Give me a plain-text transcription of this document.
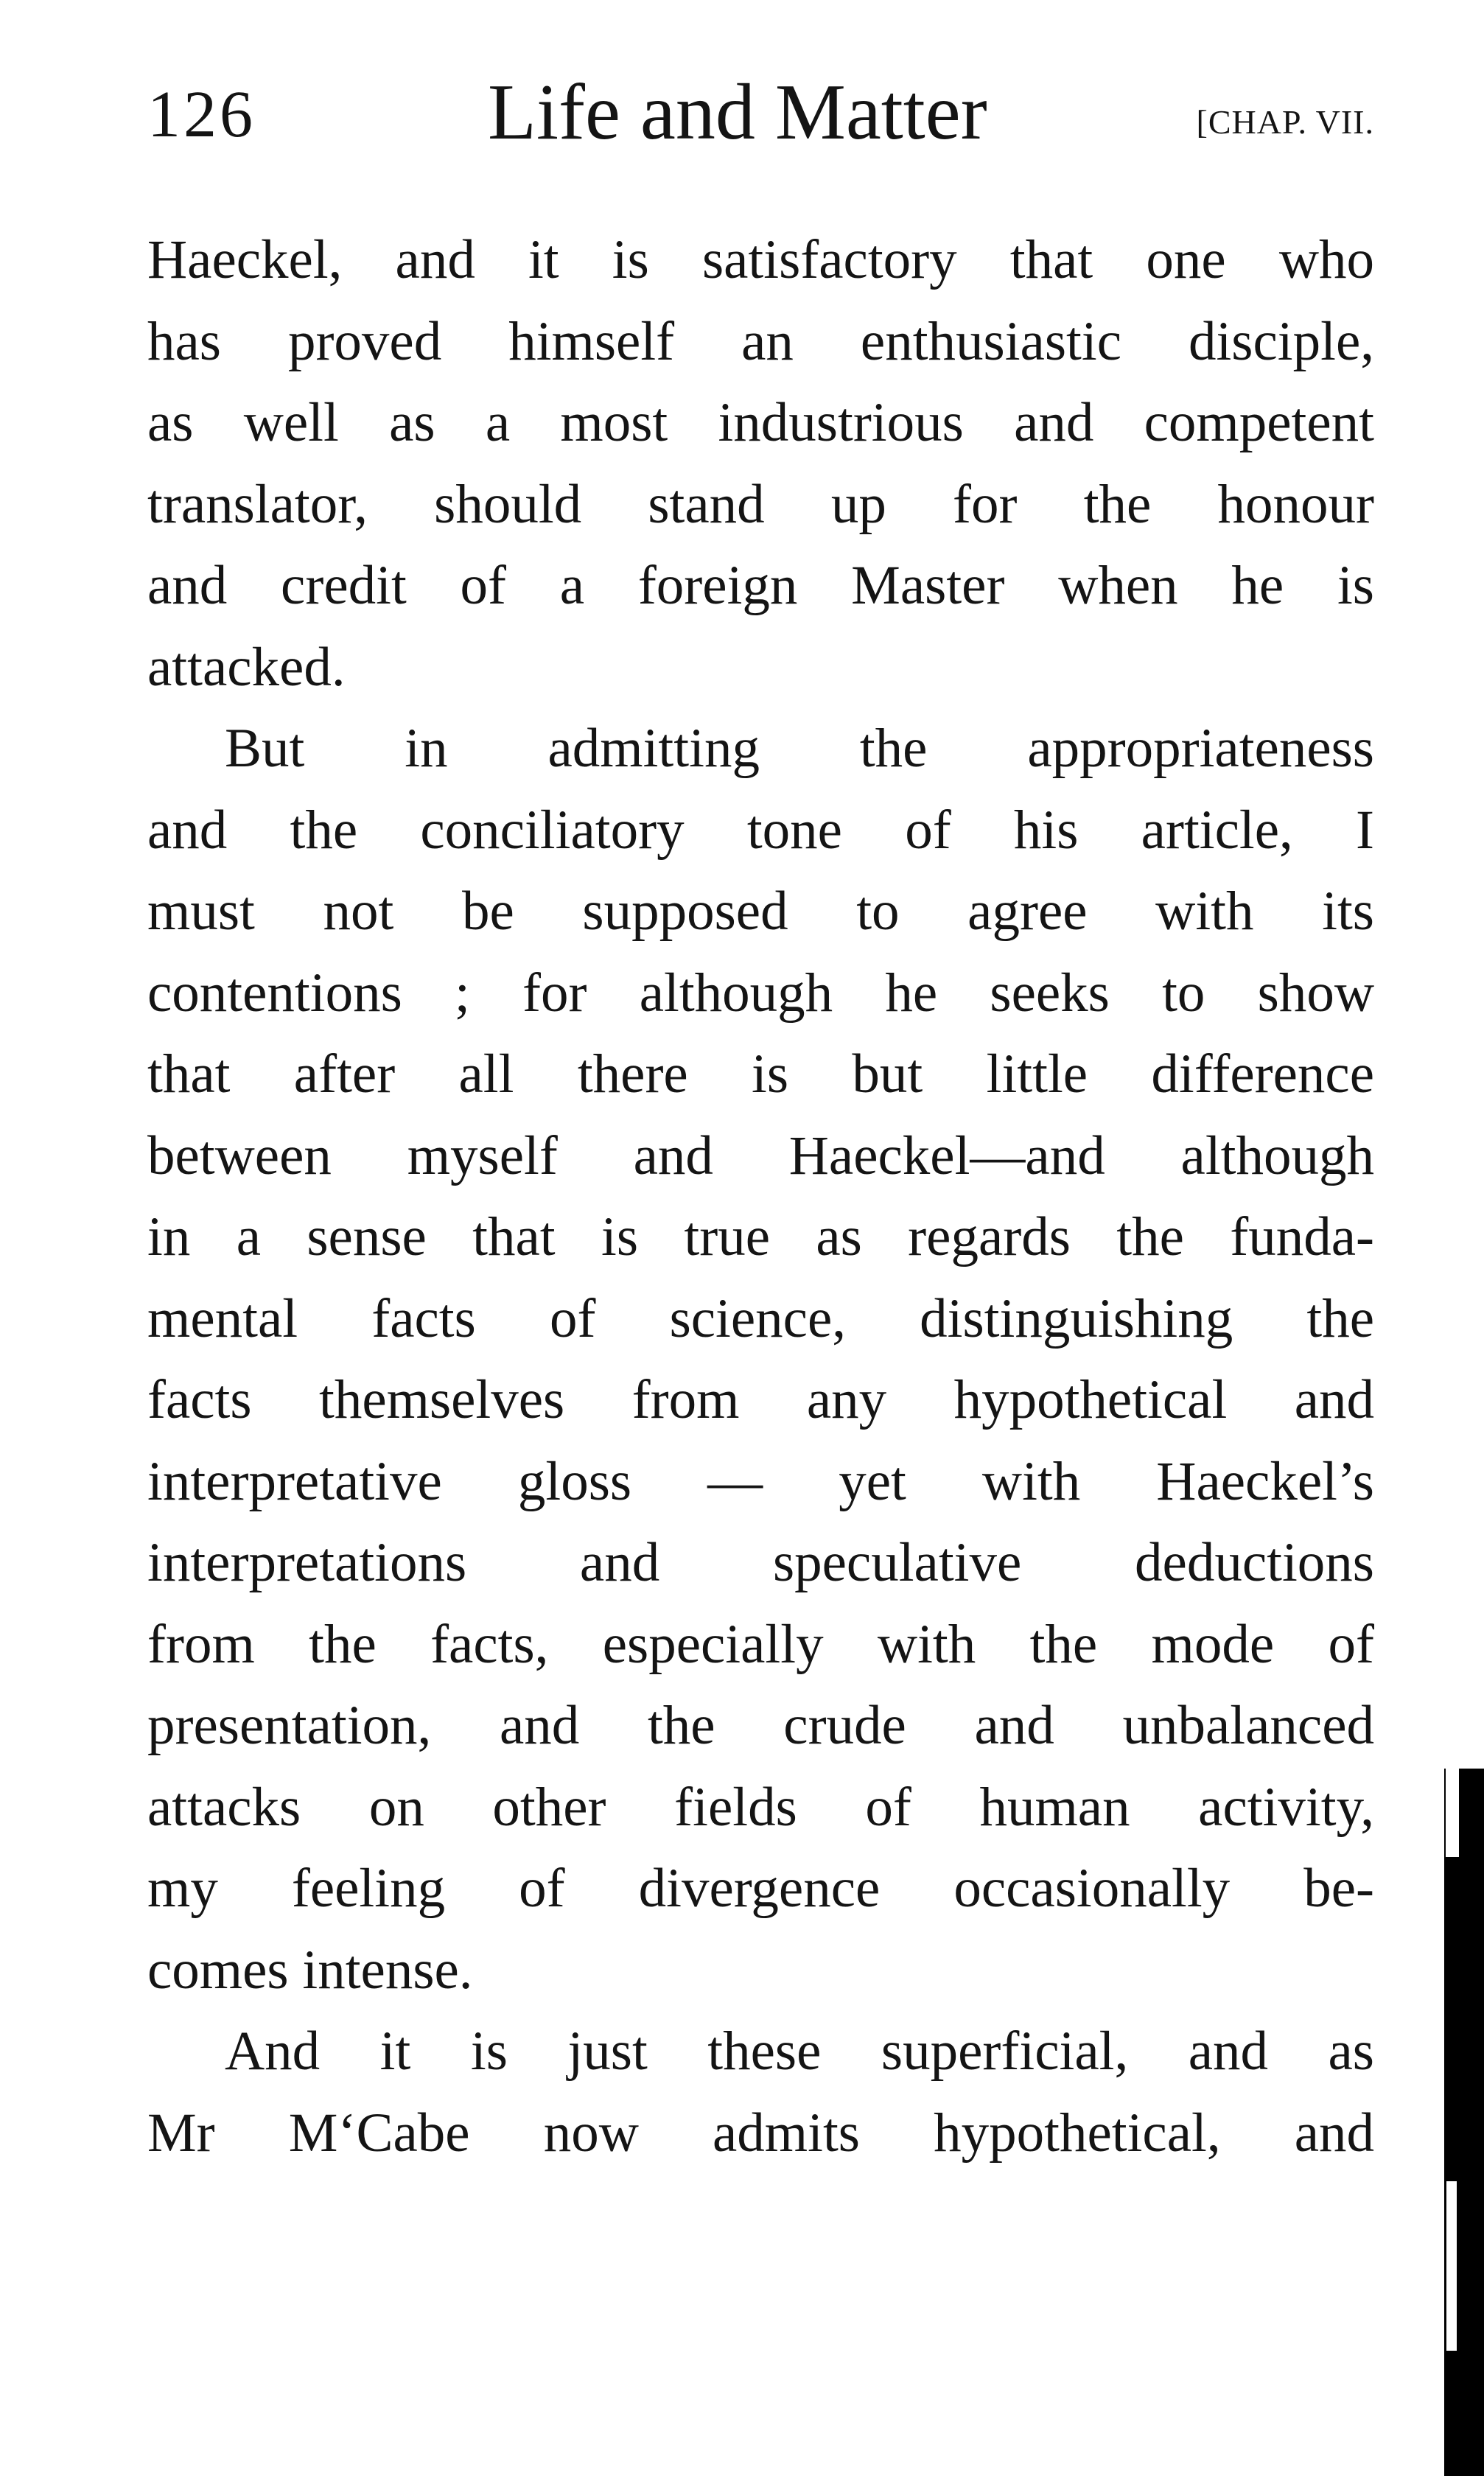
126	Life and Matter	[CHAP. VII.

Haeckel, and it is satisfactory that one who
has proved himself an enthusiastic disciple,
as well as a most industrious and competent
translator, should stand up for the honour
and credit of a foreign Master when he is
attacked.

But in admitting the appropriateness
and the conciliatory tone of his article, I
must not be supposed to agree with its
contentions ; for although he seeks to show
that after all there is but little difference
between myself and Haeckel—and although
in a sense that is true as regards the funda-
mental facts of science, distinguishing the
facts themselves from any hypothetical and
interpretative gloss — yet with Haeckel’s
interpretations and speculative deductions
from the facts, especially with the mode of
presentation, and the crude and unbalanced
attacks on other fields of human activity,
my feeling of divergence occasionally be-
comes intense.

And it is just these superficial, and as
Mr M‘Cabe now admits hypothetical, and
